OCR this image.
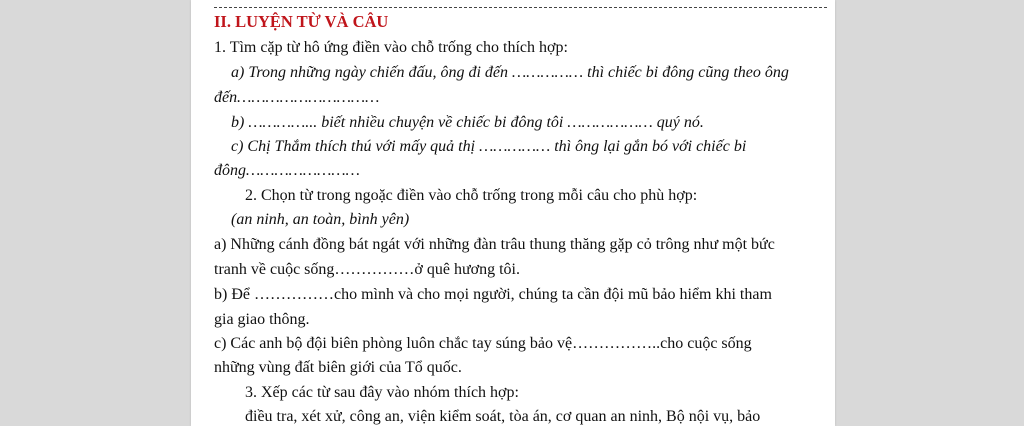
II. LUYỆN TỪ VÀ CÂU
1. Tìm cặp từ hô ứng điền vào chỗ trống cho thích hợp:
a) Trong những ngày chiến đấu, ông đi đến …………… thì chiếc bi đông cũng theo ông
đến…………………………
b) …………... biết nhiều chuyện về chiếc bi đông tôi ……………… quý nó.
c) Chị Thắm thích thú với mấy quả thị …………… thì ông lại gắn bó với chiếc bi
đông……………………
2. Chọn từ trong ngoặc điền vào chỗ trống trong mỗi câu cho phù hợp:
(an ninh, an toàn, bình yên)
a) Những cánh đồng bát ngát với những đàn trâu thung thăng gặp cỏ trông như một bức
tranh về cuộc sống……………ở quê hương tôi.
b) Để ……………cho mình và cho mọi người, chúng ta cần đội mũ bảo hiểm khi tham
gia giao thông.
c) Các anh bộ đội biên phòng luôn chắc tay súng bảo vệ……………..cho cuộc sống
những vùng đất biên giới của Tổ quốc.
3. Xếp các từ sau đây vào nhóm thích hợp:
điều tra, xét xử, công an, viện kiểm soát, tòa án, cơ quan an ninh, Bộ nội vụ, bảo
